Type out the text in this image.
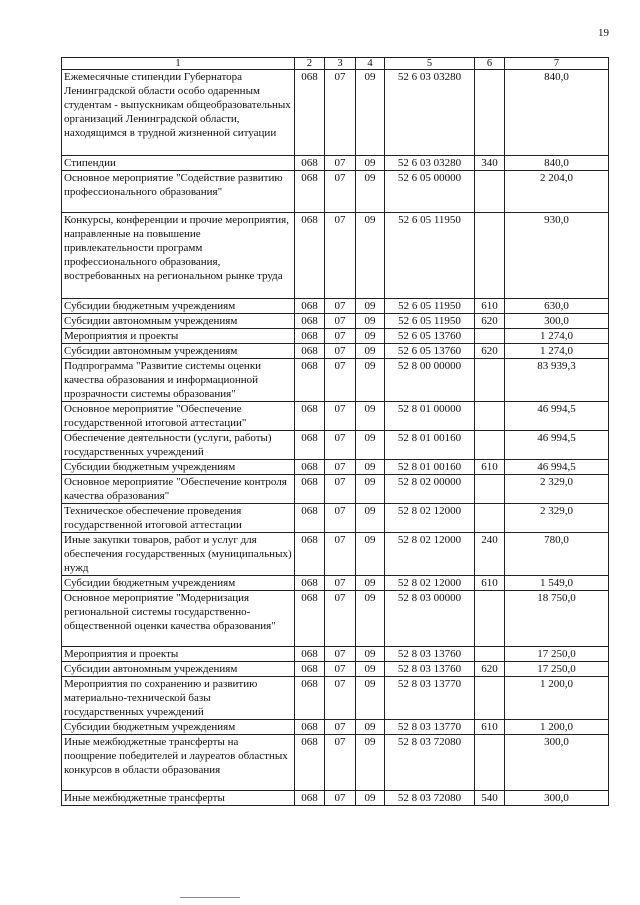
19
1	2	3	4	5	6	7
Ежемесячные стипендии Губернатора Ленинградской области особо одаренным студентам - выпускникам общеобразовательных организаций Ленинградской области, находящимся в трудной жизненной ситуации	068	07	09	52 6 03 03280		840,0
Стипендии	068	07	09	52 6 03 03280	340	840,0
Основное мероприятие "Содействие развитию профессионального образования"	068	07	09	52 6 05 00000		2 204,0
Конкурсы, конференции и прочие мероприятия, направленные на повышение привлекательности программ профессионального образования, востребованных на региональном рынке труда	068	07	09	52 6 05 11950		930,0
Субсидии бюджетным учреждениям	068	07	09	52 6 05 11950	610	630,0
Субсидии автономным учреждениям	068	07	09	52 6 05 11950	620	300,0
Мероприятия и проекты	068	07	09	52 6 05 13760		1 274,0
Субсидии автономным учреждениям	068	07	09	52 6 05 13760	620	1 274,0
Подпрограмма "Развитие системы оценки качества образования и информационной прозрачности системы образования"	068	07	09	52 8 00 00000		83 939,3
Основное мероприятие "Обеспечение государственной итоговой аттестации"	068	07	09	52 8 01 00000		46 994,5
Обеспечение деятельности (услуги, работы) государственных учреждений	068	07	09	52 8 01 00160		46 994,5
Субсидии бюджетным учреждениям	068	07	09	52 8 01 00160	610	46 994,5
Основное мероприятие "Обеспечение контроля качества образования"	068	07	09	52 8 02 00000		2 329,0
Техническое обеспечение проведения государственной итоговой аттестации	068	07	09	52 8 02 12000		2 329,0
Иные закупки товаров, работ и услуг для обеспечения государственных (муниципальных) нужд	068	07	09	52 8 02 12000	240	780,0
Субсидии бюджетным учреждениям	068	07	09	52 8 02 12000	610	1 549,0
Основное мероприятие "Модернизация региональной системы государственно-общественной оценки качества образования"	068	07	09	52 8 03 00000		18 750,0
Мероприятия и проекты	068	07	09	52 8 03 13760		17 250,0
Субсидии автономным учреждениям	068	07	09	52 8 03 13760	620	17 250,0
Мероприятия по сохранению и развитию материально-технической базы государственных учреждений	068	07	09	52 8 03 13770		1 200,0
Субсидии бюджетным учреждениям	068	07	09	52 8 03 13770	610	1 200,0
Иные межбюджетные трансферты на поощрение победителей и лауреатов областных конкурсов в области образования	068	07	09	52 8 03 72080		300,0
Иные межбюджетные трансферты	068	07	09	52 8 03 72080	540	300,0
